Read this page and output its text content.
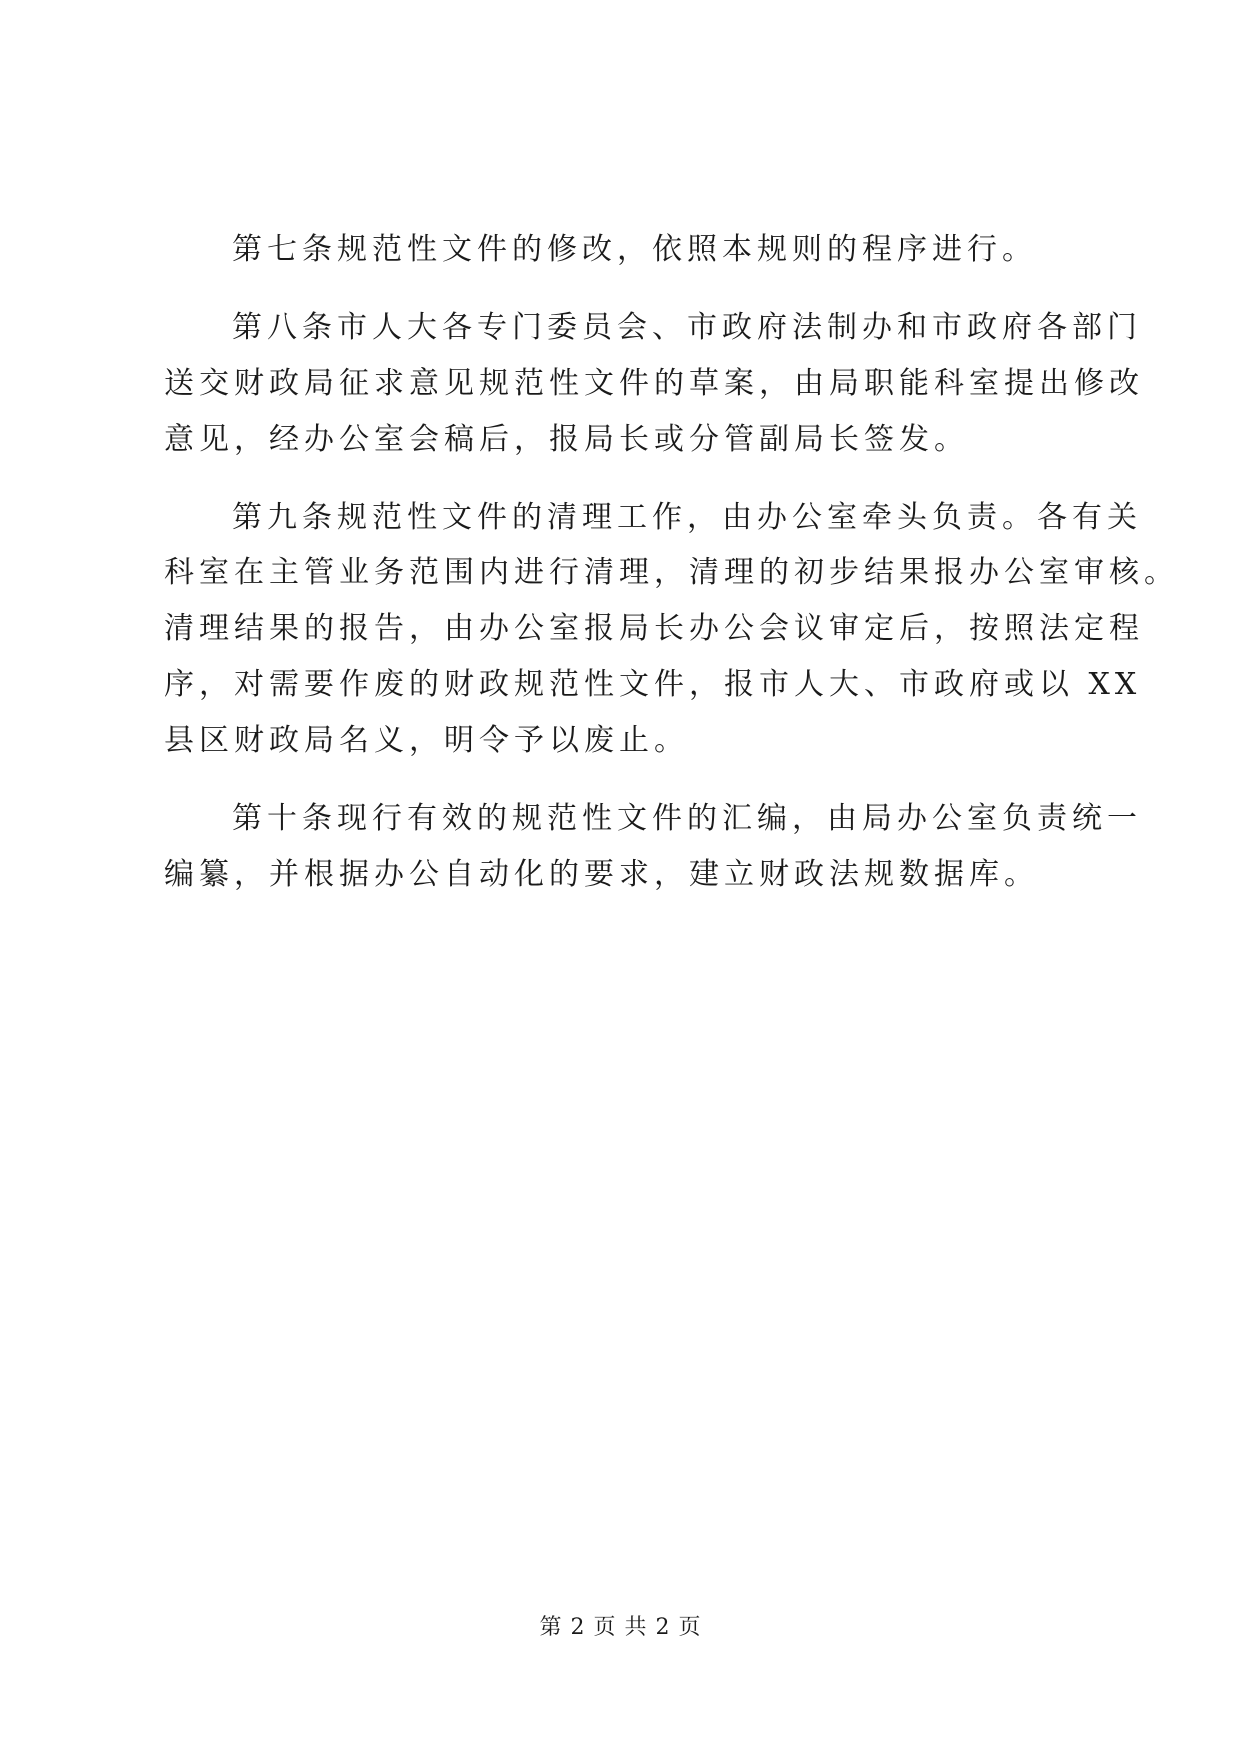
第七条规范性文件的修改，依照本规则的程序进行。
第八条市人大各专门委员会、市政府法制办和市政府各部门
送交财政局征求意见规范性文件的草案，由局职能科室提出修改
意见，经办公室会稿后，报局长或分管副局长签发。
第九条规范性文件的清理工作，由办公室牵头负责。各有关
科室在主管业务范围内进行清理，清理的初步结果报办公室审核。
清理结果的报告，由办公室报局长办公会议审定后，按照法定程
序，对需要作废的财政规范性文件，报市人大、市政府或以 XX
县区财政局名义，明令予以废止。
第十条现行有效的规范性文件的汇编，由局办公室负责统一
编纂，并根据办公自动化的要求，建立财政法规数据库。
第 2 页 共 2 页
